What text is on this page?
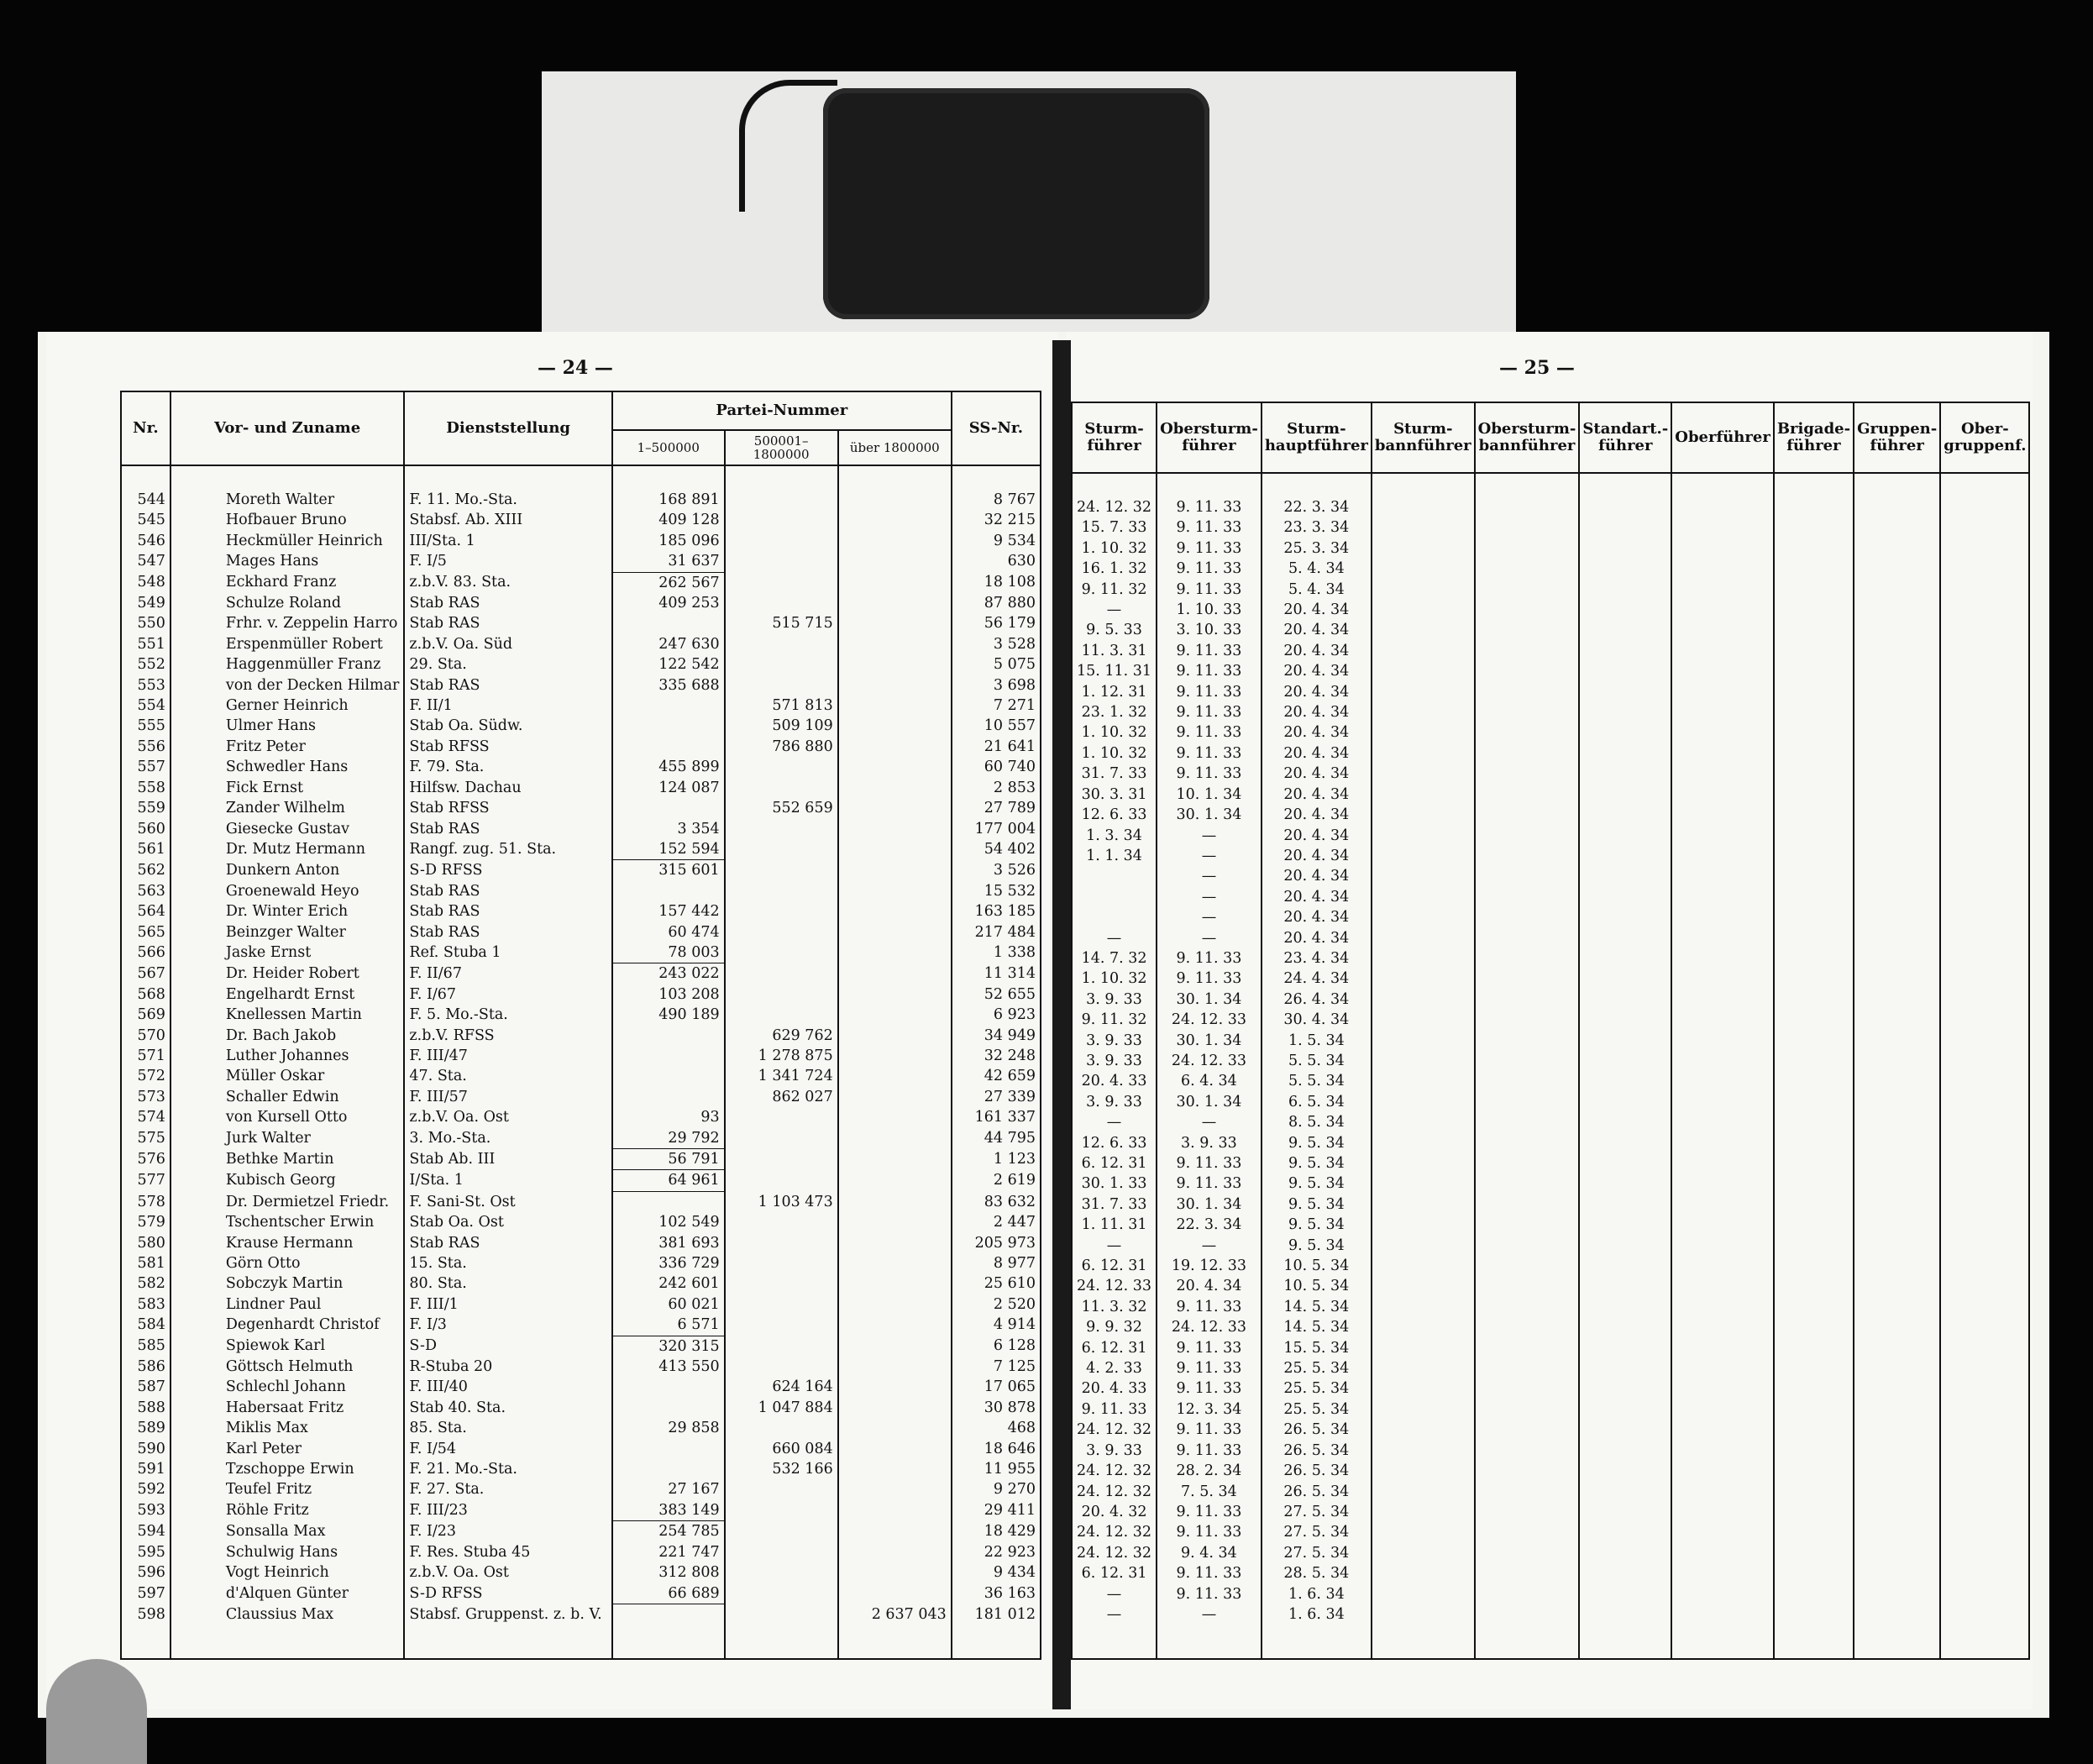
— 24 —	— 25 —
Nr.	Vor- und Zuname	Dienststellung	Partei-Nummer			SS-Nr.
			1–500000	500001–1800000	über 1800000	

544	Moreth Walter	F. 11. Mo.-Sta.	168 891			8 767
545	Hofbauer Bruno	Stabsf. Ab. XIII	409 128			32 215
546	Heckmüller Heinrich	III/Sta. 1	185 096			9 534
547	Mages Hans	F. I/5	31 637			630
548	Eckhard Franz	z.b.V. 83. Sta.	262 567			18 108
549	Schulze Roland	Stab RAS	409 253			87 880
550	Frhr. v. Zeppelin Harro	Stab RAS		515 715		56 179
551	Erspenmüller Robert	z.b.V. Oa. Süd	247 630			3 528
552	Haggenmüller Franz	29. Sta.	122 542			5 075
553	von der Decken Hilmar	Stab RAS	335 688			3 698
554	Gerner Heinrich	F. II/1		571 813		7 271
555	Ulmer Hans	Stab Oa. Südw.		509 109		10 557
556	Fritz Peter	Stab RFSS		786 880		21 641
557	Schwedler Hans	F. 79. Sta.	455 899			60 740
558	Fick Ernst	Hilfsw. Dachau	124 087			2 853
559	Zander Wilhelm	Stab RFSS		552 659		27 789
560	Giesecke Gustav	Stab RAS	3 354			177 004
561	Dr. Mutz Hermann	Rangf. zug. 51. Sta.	152 594			54 402
562	Dunkern Anton	S-D RFSS	315 601			3 526
563	Groenewald Heyo	Stab RAS				15 532
564	Dr. Winter Erich	Stab RAS	157 442			163 185
565	Beinzger Walter	Stab RAS	60 474			217 484
566	Jaske Ernst	Ref. Stuba 1	78 003			1 338
567	Dr. Heider Robert	F. II/67	243 022			11 314
568	Engelhardt Ernst	F. I/67	103 208			52 655
569	Knellessen Martin	F. 5. Mo.-Sta.	490 189			6 923
570	Dr. Bach Jakob	z.b.V. RFSS		629 762		34 949
571	Luther Johannes	F. III/47		1 278 875		32 248
572	Müller Oskar	47. Sta.		1 341 724		42 659
573	Schaller Edwin	F. III/57		862 027		27 339
574	von Kursell Otto	z.b.V. Oa. Ost	93			161 337
575	Jurk Walter	3. Mo.-Sta.	29 792			44 795
576	Bethke Martin	Stab Ab. III	56 791			1 123
577	Kubisch Georg	I/Sta. 1	64 961			2 619
578	Dr. Dermietzel Friedr.	F. Sani-St. Ost		1 103 473		83 632
579	Tschentscher Erwin	Stab Oa. Ost	102 549			2 447
580	Krause Hermann	Stab RAS	381 693			205 973
581	Görn Otto	15. Sta.	336 729			8 977
582	Sobczyk Martin	80. Sta.	242 601			25 610
583	Lindner Paul	F. III/1	60 021			2 520
584	Degenhardt Christof	F. I/3	6 571			4 914
585	Spiewok Karl	S-D	320 315			6 128
586	Göttsch Helmuth	R-Stuba 20	413 550			7 125
587	Schlechl Johann	F. III/40		624 164		17 065
588	Habersaat Fritz	Stab 40. Sta.		1 047 884		30 878
589	Miklis Max	85. Sta.	29 858			468
590	Karl Peter	F. I/54		660 084		18 646
591	Tzschoppe Erwin	F. 21. Mo.-Sta.		532 166		11 955
592	Teufel Fritz	F. 27. Sta.	27 167			9 270
593	Röhle Fritz	F. III/23	383 149			29 411
594	Sonsalla Max	F. I/23	254 785			18 429
595	Schulwig Hans	F. Res. Stuba 45	221 747			22 923
596	Vogt Heinrich	z.b.V. Oa. Ost	312 808			9 434
597	d'Alquen Günter	S-D RFSS	66 689			36 163
598	Claussius Max	Stabsf. Gruppenst. z. b. V.			2 637 043	181 012

Sturm-führer	Obersturm-führer	Sturm-hauptführer	Sturm-bannführer	Obersturm-bannführer	Standart.-führer	Oberführer	Brigade-führer	Gruppen-führer	Ober-gruppenf.

24. 12. 32	9. 11. 33	22. 3. 34							
15. 7. 33	9. 11. 33	23. 3. 34							
1. 10. 32	9. 11. 33	25. 3. 34							
16. 1. 32	9. 11. 33	5. 4. 34							
9. 11. 32	9. 11. 33	5. 4. 34							
—	1. 10. 33	20. 4. 34							
9. 5. 33	3. 10. 33	20. 4. 34							
11. 3. 31	9. 11. 33	20. 4. 34							
15. 11. 31	9. 11. 33	20. 4. 34							
1. 12. 31	9. 11. 33	20. 4. 34							
23. 1. 32	9. 11. 33	20. 4. 34							
1. 10. 32	9. 11. 33	20. 4. 34							
1. 10. 32	9. 11. 33	20. 4. 34							
31. 7. 33	9. 11. 33	20. 4. 34							
30. 3. 31	10. 1. 34	20. 4. 34							
12. 6. 33	30. 1. 34	20. 4. 34							
1. 3. 34	—	20. 4. 34							
1. 1. 34	—	20. 4. 34							
	—	20. 4. 34							
	—	20. 4. 34							
	—	20. 4. 34							
—	—	20. 4. 34							
14. 7. 32	9. 11. 33	23. 4. 34							
1. 10. 32	9. 11. 33	24. 4. 34							
3. 9. 33	30. 1. 34	26. 4. 34							
9. 11. 32	24. 12. 33	30. 4. 34							
3. 9. 33	30. 1. 34	1. 5. 34							
3. 9. 33	24. 12. 33	5. 5. 34							
20. 4. 33	6. 4. 34	5. 5. 34							
3. 9. 33	30. 1. 34	6. 5. 34							
—	—	8. 5. 34							
12. 6. 33	3. 9. 33	9. 5. 34							
6. 12. 31	9. 11. 33	9. 5. 34							
30. 1. 33	9. 11. 33	9. 5. 34							
31. 7. 33	30. 1. 34	9. 5. 34							
1. 11. 31	22. 3. 34	9. 5. 34							
—	—	9. 5. 34							
6. 12. 31	19. 12. 33	10. 5. 34							
24. 12. 33	20. 4. 34	10. 5. 34							
11. 3. 32	9. 11. 33	14. 5. 34							
9. 9. 32	24. 12. 33	14. 5. 34							
6. 12. 31	9. 11. 33	15. 5. 34							
4. 2. 33	9. 11. 33	25. 5. 34							
20. 4. 33	9. 11. 33	25. 5. 34							
9. 11. 33	12. 3. 34	25. 5. 34							
24. 12. 32	9. 11. 33	26. 5. 34							
3. 9. 33	9. 11. 33	26. 5. 34							
24. 12. 32	28. 2. 34	26. 5. 34							
24. 12. 32	7. 5. 34	26. 5. 34							
20. 4. 32	9. 11. 33	27. 5. 34							
24. 12. 32	9. 11. 33	27. 5. 34							
24. 12. 32	9. 4. 34	27. 5. 34							
6. 12. 31	9. 11. 33	28. 5. 34							
—	9. 11. 33	1. 6. 34							
—	—	1. 6. 34							
